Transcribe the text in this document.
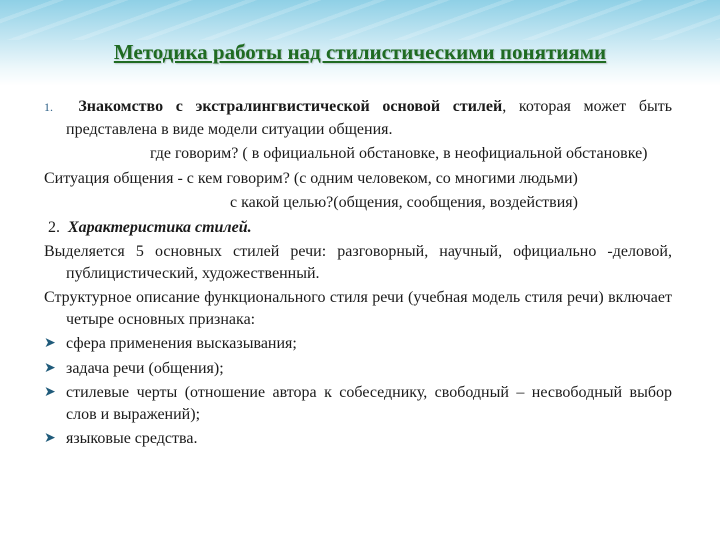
Методика работы над стилистическими понятиями

1. Знакомство с экстралингвистической основой стилей, которая может быть представлена в виде модели ситуации общения.

где говорим? ( в официальной обстановке, в неофициальной обстановке)

Ситуация общения - с кем говорим? (с одним человеком, со многими людьми)

с какой целью?(общения, сообщения, воздействия)

2. Характеристика стилей.

Выделяется 5 основных стилей речи: разговорный, научный, официально -деловой, публицистический, художественный.

Структурное описание функционального стиля речи (учебная модель стиля речи) включает четыре основных признака:

➤ сфера применения высказывания;
➤ задача речи (общения);
➤ стилевые черты (отношение автора к собеседнику, свободный – несвободный выбор слов и выражений);
➤ языковые средства.
